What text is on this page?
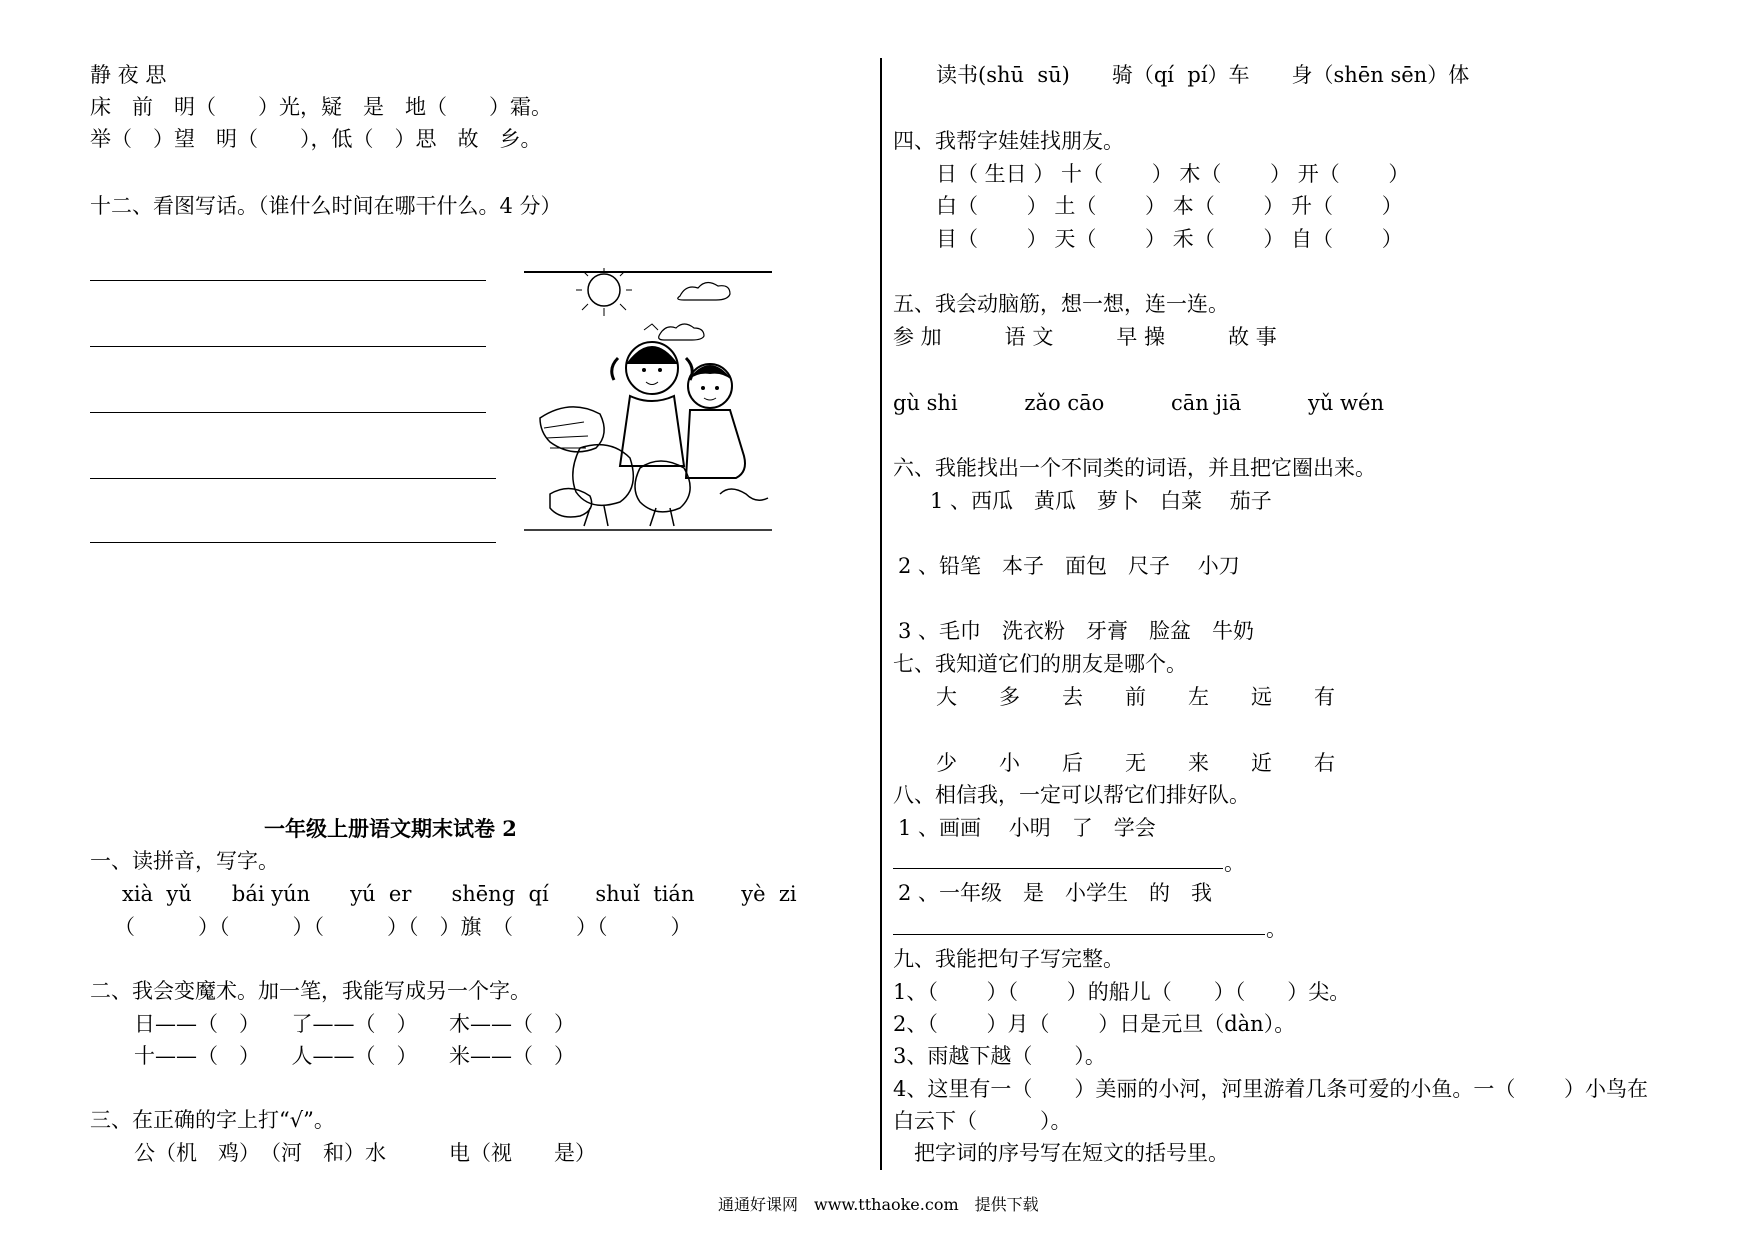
静 夜 思
床　前　明（　　）光，疑　是　地（　　）霜。
举（　）望　明（　　），低（　）思　故　乡。
十二、看图写话。（谁什么时间在哪干什么。4 分）
一年级上册语文期末试卷 2
一、读拼音，写字。
xià  yǔ      bái yún      yú  er      shēng  qí       shuǐ  tián       yè  zi
（　　　）（　　　）（　　　）（　）旗　（　　　）（　　　）
二、我会变魔术。加一笔，我能写成另一个字。
日——（　）　　了——（　）　　木——（　）
十——（　）　　人——（　）　　米——（　）
三、在正确的字上打“√”。
公（机　鸡）　（河　和）水　　　电（视　　是）
读书(shū  sū)　　骑（qí  pí）车　　身（shēn sēn）体
四、我帮字娃娃找朋友。
日（ 生日 ） 十（　　 ） 木（　　 ） 开（　　 ）
白（　　 ） 土（　　 ） 本（　　 ） 升（　　 ）
目（　　 ） 天（　　 ） 禾（　　 ） 自（　　 ）
五、我会动脑筋，想一想，连一连。
参 加　　　语 文　　　早 操　　　故 事
gù shi          zǎo cāo          cān jiā          yǔ wén
六、我能找出一个不同类的词语，并且把它圈出来。
1 、西瓜　黄瓜　萝卜　白菜　 茄子
2 、铅笔　本子　面包　尺子　 小刀
3 、毛巾　洗衣粉　牙膏　脸盆　牛奶
七、我知道它们的朋友是哪个。
大　　多　　去　　前　　左　　远　　有
少　　小　　后　　无　　来　　近　　右
八、相信我，一定可以帮它们排好队。
1 、画画　 小明　了　学会
。
2 、一年级　是　小学生　的　我
。
九、我能把句子写完整。
1、（　　 ）（　　 ）的船儿（　　）（　　）尖。
2、（　　 ）月（　　 ）日是元旦（dàn）。
3、雨越下越（　　）。
4、这里有一（　　）美丽的小河，河里游着几条可爱的小鱼。一（　　 ）小鸟在
白云下（　　　）。
　把字词的序号写在短文的括号里。
通通好课网　www.tthaoke.com　提供下载
